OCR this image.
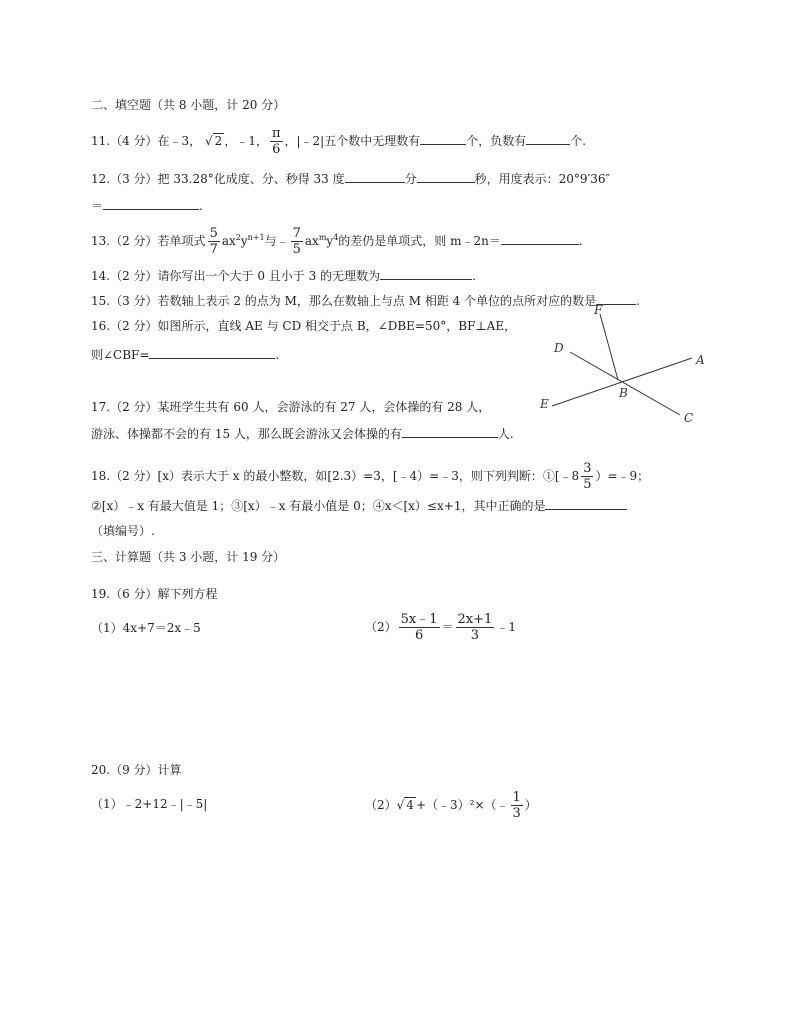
二、填空题（共 8 小题，计 20 分）
11.（4 分）在﹣3， √ 2 ，﹣1， $\frac{\pi}{6}$ ，|﹣2|五个数中无理数有	个，负数有	个.
12.（3 分）把 33.28°化成度、分、秒得 33 度	分	秒，用度表示：20°9′36″
＝	.
13.（2 分）若单项式 $\frac{5}{7} ax^2y^{n+1}$与﹣ $\frac{7}{5} ax^my^4$的差仍是单项式，则 m﹣2n＝	.
14.（2 分）请你写出一个大于 0 且小于 3 的无理数为	.
15.（3 分）若数轴上表示 2 的点为 M，那么在数轴上与点 M 相距 4 个单位的点所对应的数是	.
16.（2 分）如图所示，直线 AE 与 CD 相交于点 B，∠DBE=50°，BF⊥AE，
则∠CBF=	.
F
D
A
B
E
C
17.（2 分）某班学生共有 60 人，会游泳的有 27 人，会体操的有 28 人，
游泳、体操都不会的有 15 人，那么既会游泳又会体操的有	人.
18.（2 分）[x）表示大于 x 的最小整数，如[2.3）=3，[﹣4）=﹣3，则下列判断：①[﹣8 $\frac{3}{5}$ ）=﹣9；
②[x）﹣x 有最大值是 1；③[x）﹣x 有最小值是 0；④x＜[x）≤x+1，其中正确的是
（填编号）.
三、计算题（共 3 小题，计 19 分）
19.（6 分）解下列方程
（1）4x+7＝2x﹣5	$(2) \frac{5x﹣1}{6} = \frac{2x+1}{3}$ ﹣1
20.（9 分）计算
（1）﹣2+12﹣|﹣5|	（2）√ 4 +（﹣3）²×（﹣ $\frac{1}{3}$ ）
